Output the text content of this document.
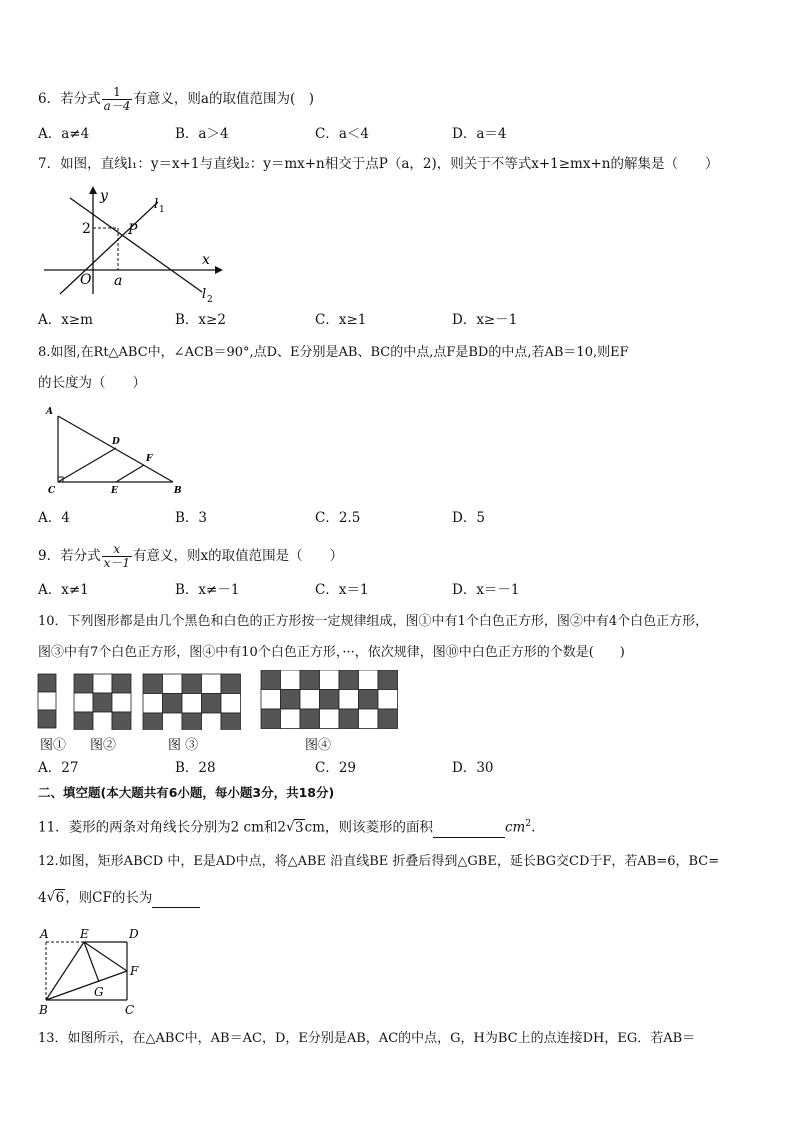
6．若分式 $\frac{1}{a-4}$ 有意义，则a的取值范围为(　)
A．a≠4	B．a＞4	C．a＜4	D．a＝4
7．如图，直线l₁：y＝x+1与直线l₂：y＝mx+n相交于点P（a，2)，则关于不等式x+1≥mx+n的解集是（　　）
y
x
2	P
O a
l 1
l 2
A．x≥m	B．x≥2	C．x≥1	D．x≥－1
8.如图,在Rt△ABC中，∠ACB＝90°,点D、E分别是AB、BC的中点,点F是BD的中点,若AB＝10,则EF
的长度为（　　）
A
D
F
C	E	B
A．4	B．3	C．2.5	D．5
9．若分式 $\frac{x}{x-1}$ 有意义，则x的取值范围是（　　）
A．x≠1	B．x≠－1	C．x＝1	D．x＝－1
10．下列图形都是由几个黑色和白色的正方形按一定规律组成，图①中有1个白色正方形，图②中有4个白色正方形，
图③中有7个白色正方形，图④中有10个白色正方形，···，依次规律，图⑩中白色正方形的个数是(　　)
图① 图②	图 ③	图④
A．27	B．28	C．29	D．30
二、填空题(本大题共有6小题，每小题3分，共18分)
11．菱形的两条对角线长分别为2 cm和2 √ 3cm，则该菱形的面积	$cm^2$.
12.如图，矩形ABCD 中，E是AD中点，将△ABE 沿直线BE 折叠后得到△GBE，延长BG交CD于F，若AB=6，BC=
4 √ 6，则CF的长为
A	E	D
F
G
B	C
13．如图所示，在△ABC中，AB＝AC，D，E分别是AB，AC的中点，G，H为BC上的点连接DH，EG．若AB＝
